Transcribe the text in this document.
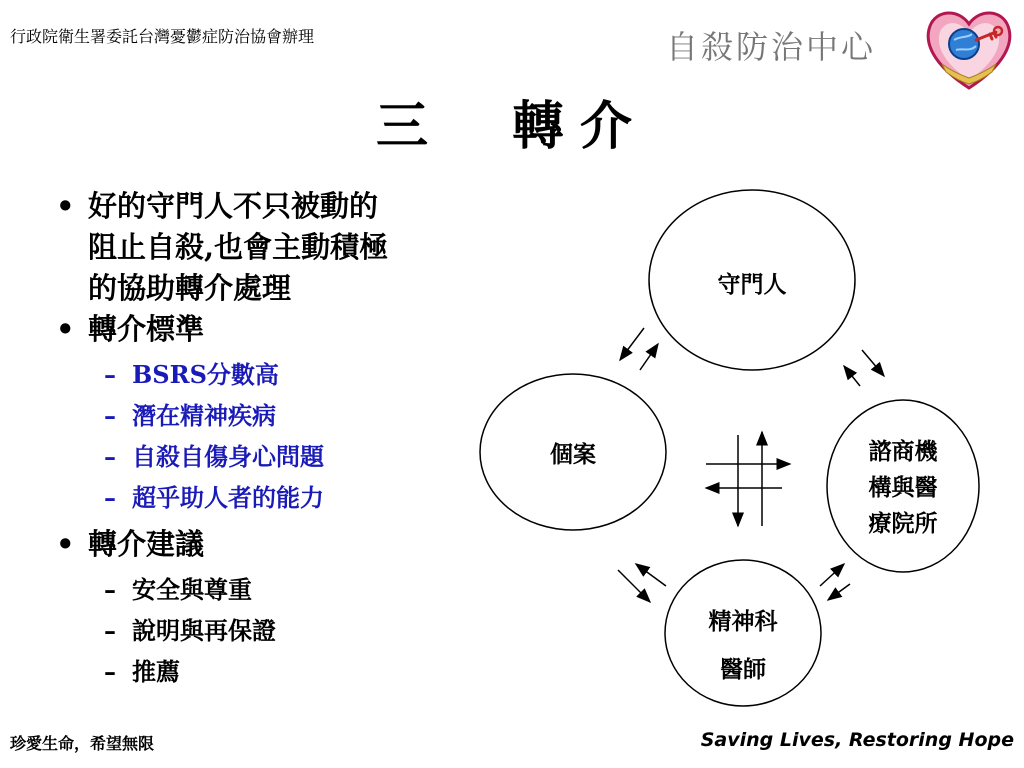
行政院衛生署委託台灣憂鬱症防治協會辦理	自殺防治中心
三　轉介
• 好的守門人不只被動的
阻止自殺,也會主動積極
的協助轉介處理
• 轉介標準
– BSRS分數高
– 潛在精神疾病
– 自殺自傷身心問題
– 超乎助人者的能力
• 轉介建議
– 安全與尊重
– 說明與再保證
– 推薦
守門人
個案	諮商機
構與醫
療院所
精神科
醫師
珍愛生命，希望無限	Saving Lives, Restoring Hope
